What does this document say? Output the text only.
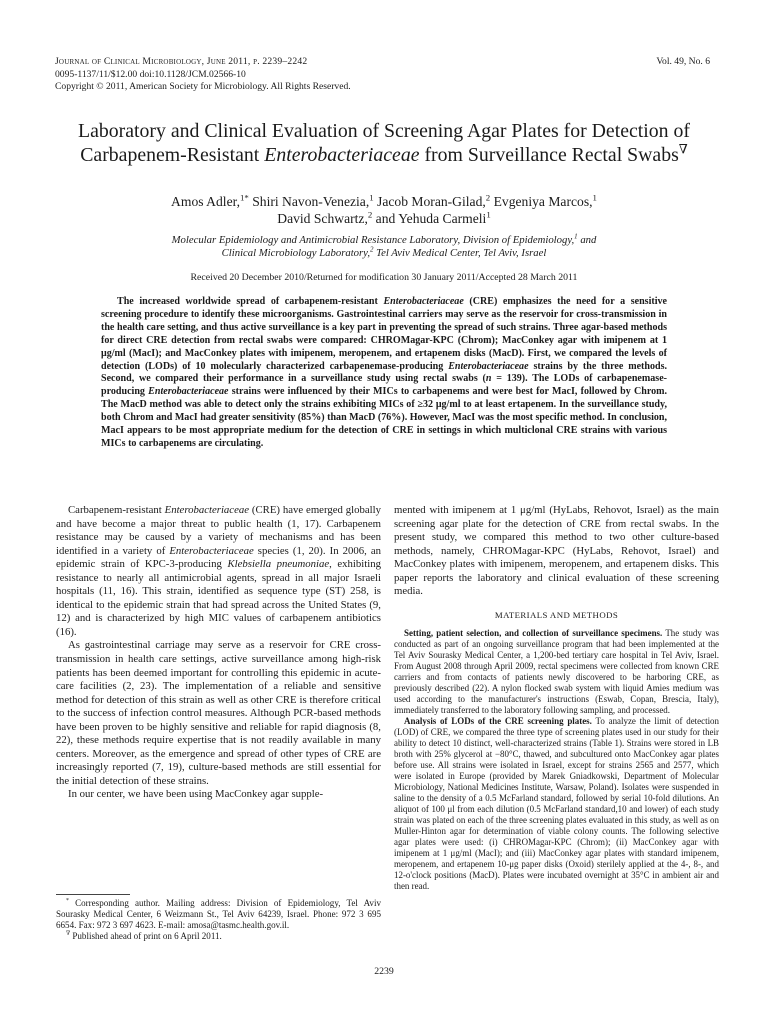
Journal of Clinical Microbiology, June 2011, p. 2239–2242
0095-1137/11/$12.00 doi:10.1128/JCM.02566-10
Copyright © 2011, American Society for Microbiology. All Rights Reserved.
Vol. 49, No. 6
Laboratory and Clinical Evaluation of Screening Agar Plates for Detection of Carbapenem-Resistant Enterobacteriaceae from Surveillance Rectal Swabs∇
Amos Adler,$^{1*}$ Shiri Navon-Venezia,$^1$ Jacob Moran-Gilad,$^2$ Evgeniya Marcos,$^1$
David Schwartz,$^2$ and Yehuda Carmeli$^1$
Molecular Epidemiology and Antimicrobial Resistance Laboratory, Division of Epidemiology,$^1$ and
Clinical Microbiology Laboratory,$^2$ Tel Aviv Medical Center, Tel Aviv, Israel
Received 20 December 2010/Returned for modification 30 January 2011/Accepted 28 March 2011

The increased worldwide spread of carbapenem-resistant Enterobacteriaceae (CRE) emphasizes the need for a sensitive screening procedure to identify these microorganisms. Gastrointestinal carriers may serve as the reservoir for cross-transmission in the health care setting, and thus active surveillance is a key part in preventing the spread of such strains. Three agar-based methods for direct CRE detection from rectal swabs were compared: CHROMagar-KPC (Chrom); MacConkey agar with imipenem at 1 μg/ml (MacI); and MacConkey plates with imipenem, meropenem, and ertapenem disks (MacD). First, we compared the levels of detection (LODs) of 10 molecularly characterized carbapenemase-producing Enterobacteriaceae strains by the three methods. Second, we compared their performance in a surveillance study using rectal swabs (n = 139). The LODs of carbapenemase-producing Enterobacteriaceae strains were influenced by their MICs to carbapenems and were best for MacI, followed by Chrom. The MacD method was able to detect only the strains exhibiting MICs of ≥32 μg/ml to at least ertapenem. In the surveillance study, both Chrom and MacI had greater sensitivity (85%) than MacD (76%). However, MacI was the most specific method. In conclusion, MacI appears to be most appropriate medium for the detection of CRE in settings in which multiclonal CRE strains with various MICs to carbapenems are circulating.

Carbapenem-resistant Enterobacteriaceae (CRE) have emerged globally and have become a major threat to public health (1, 17). Carbapenem resistance may be caused by a variety of mechanisms and has been identified in a variety of Enterobacteriaceae species (1, 20). In 2006, an epidemic strain of KPC-3-producing Klebsiella pneumoniae, exhibiting resistance to nearly all antimicrobial agents, spread in all major Israeli hospitals (11, 16). This strain, identified as sequence type (ST) 258, is identical to the epidemic strain that had spread across the United States (9, 12) and is characterized by high MIC values of carbapenem antibiotics (16).

As gastrointestinal carriage may serve as a reservoir for CRE cross-transmission in health care settings, active surveillance among high-risk patients has been deemed important for controlling this epidemic in acute-care facilities (2, 23). The implementation of a reliable and sensitive method for detection of this strain as well as other CRE is therefore critical to the success of infection control measures. Although PCR-based methods have been proven to be highly sensitive and reliable for rapid diagnosis (8, 22), these methods require expertise that is not readily available in many centers. Moreover, as the emergence and spread of other types of CRE are increasingly reported (7, 19), culture-based methods are still essential for the initial detection of these strains.

In our center, we have been using MacConkey agar supple-

mented with imipenem at 1 μg/ml (HyLabs, Rehovot, Israel) as the main screening agar plate for the detection of CRE from rectal swabs. In the present study, we compared this method to two other culture-based methods, namely, CHROMagar-KPC (HyLabs, Rehovot, Israel) and MacConkey plates with imipenem, meropenem, and ertapenem disks. This paper reports the laboratory and clinical evaluation of these screening media.

MATERIALS AND METHODS

Setting, patient selection, and collection of surveillance specimens. The study was conducted as part of an ongoing surveillance program that had been implemented at the Tel Aviv Sourasky Medical Center, a 1,200-bed tertiary care hospital in Tel Aviv, Israel. From August 2008 through April 2009, rectal specimens were collected from known CRE carriers and from contacts of patients newly discovered to be harboring CRE, as previously described (22). A nylon flocked swab system with liquid Amies medium was used according to the manufacturer's instructions (Eswab, Copan, Brescia, Italy), immediately transferred to the laboratory following sampling, and processed.

Analysis of LODs of the CRE screening plates. To analyze the limit of detection (LOD) of CRE, we compared the three type of screening plates used in our study for their ability to detect 10 distinct, well-characterized strains (Table 1). Strains were stored in LB broth with 25% glycerol at −80°C, thawed, and subcultured onto MacConkey agar plates before use. All strains were isolated in Israel, except for strains 2565 and 2577, which were isolated in Europe (provided by Marek Gniadkowski, Department of Molecular Microbiology, National Medicines Institute, Warsaw, Poland). Isolates were suspended in saline to the density of a 0.5 McFarland standard, followed by serial 10-fold dilutions. An aliquot of 100 μl from each dilution (0.5 McFarland standard,10 and lower) of each study strain was plated on each of the three screening plates evaluated in this study, as well as on Muller-Hinton agar for determination of viable colony counts. The following selective agar plates were used: (i) CHROMagar-KPC (Chrom); (ii) MacConkey agar with imipenem at 1 μg/ml (MacI); and (iii) MacConkey agar plates with standard imipenem, meropenem, and ertapenem 10-μg paper disks (Oxoid) sterilely applied at the 4-, 8-, and 12-o'clock positions (MacD). Plates were incubated overnight at 35°C in ambient air and then read.

* Corresponding author. Mailing address: Division of Epidemiology, Tel Aviv Sourasky Medical Center, 6 Weizmann St., Tel Aviv 64239, Israel. Phone: 972 3 695 6654. Fax: 972 3 697 4623. E-mail: amosa@tasmc.health.gov.il.

∇ Published ahead of print on 6 April 2011.

2239
